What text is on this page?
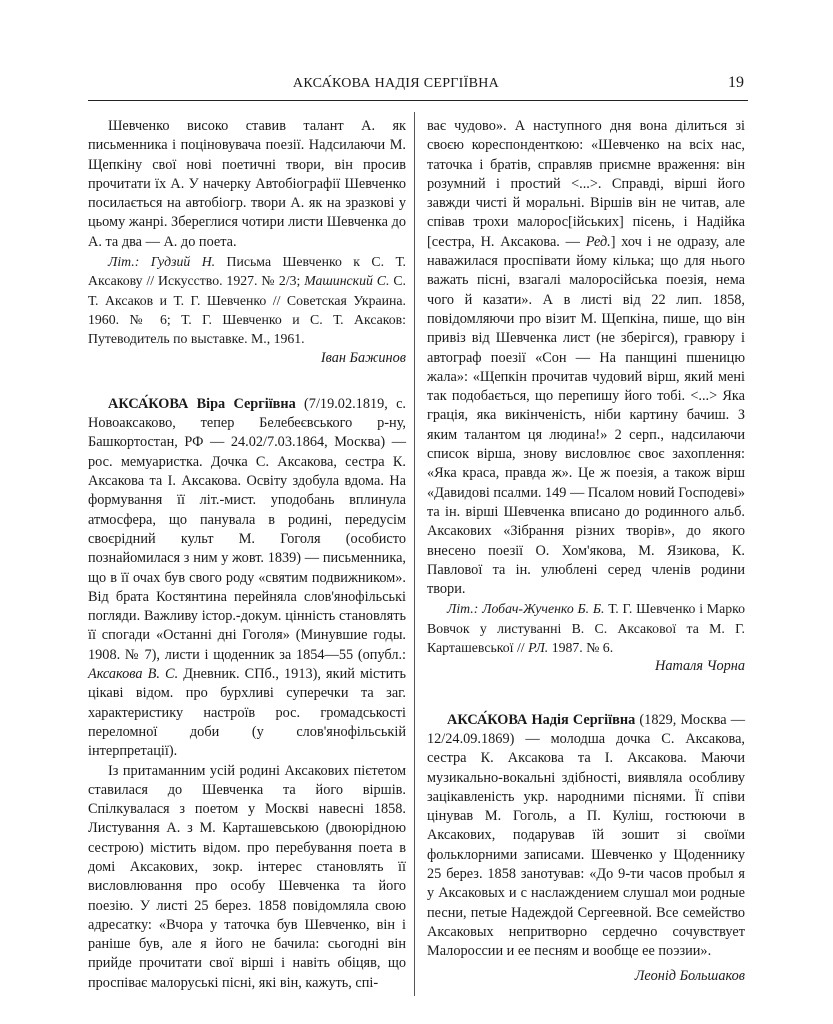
АКСА́КОВА НАДІЯ СЕРГІЇВНА	19

Шевченко високо ставив талант А. як письменника і поціновувача поезії. Надсилаючи М. Щепкіну свої нові поетичні твори, він просив прочитати їх А. У начерку Автобіографії Шевченко посилається на автобіогр. твори А. як на зразкові у цьому жанрі. Збереглися чотири листи Шевченка до А. та два — А. до поета.

Літ.: Гудзий Н. Письма Шевченко к С. Т. Аксакову // Искусство. 1927. № 2/3; Машинский С. С. Т. Аксаков и Т. Г. Шевченко // Советская Украина. 1960. № 6; Т. Г. Шевченко и С. Т. Аксаков: Путеводитель по выставке. М., 1961.

Іван Бажинов

АКСА́КОВА Віра Сергіївна (7/19.02.1819, с. Новоаксаково, тепер Белебеєвського р-ну, Башкортостан, РФ — 24.02/7.03.1864, Москва) — рос. мемуаристка. Дочка С. Аксакова, сестра К. Аксакова та І. Аксакова. Освіту здобула вдома. На формування її літ.-мист. уподобань вплинула атмосфера, що панувала в родині, передусім своєрідний культ М. Гоголя (особисто познайомилася з ним у жовт. 1839) — письменника, що в її очах був свого роду «святим подвижником». Від брата Костянтина перейняла слов'янофільські погляди. Важливу істор.-докум. цінність становлять її спогади «Останні дні Гоголя» (Минувшие годы. 1908. № 7), листи і щоденник за 1854—55 (опубл.: Аксакова В. С. Дневник. СПб., 1913), який містить цікаві відом. про бурхливі суперечки та заг. характеристику настроїв рос. громадськості переломної доби (у слов'янофільській інтерпретації).

Із притаманним усій родині Аксакових пієтетом ставилася до Шевченка та його віршів. Спілкувалася з поетом у Москві навесні 1858. Листування А. з М. Карташевською (двоюрідною сестрою) містить відом. про перебування поета в домі Аксакових, зокр. інтерес становлять її висловлювання про особу Шевченка та його поезію. У листі 25 берез. 1858 повідомляла свою адресатку: «Вчора у таточка був Шевченко, він і раніше був, але я його не бачила: сьогодні він прийде прочитати свої вірші і навіть обіцяв, що проспіває малоруські пісні, які він, кажуть, спі-

ває чудово». А наступного дня вона ділиться зі своєю кореспонденткою: «Шевченко на всіх нас, таточка і братів, справляв приємне враження: він розумний і простий <...>. Справді, вірші його завжди чисті й моральні. Віршів він не читав, але співав трохи малорос[ійських] пісень, і Надійка [сестра, Н. Аксакова. — Ред.] хоч і не одразу, але наважилася проспівати йому кілька; що для нього важать пісні, взагалі малоросійська поезія, нема чого й казати». А в листі від 22 лип. 1858, повідомляючи про візит М. Щепкіна, пише, що він привіз від Шевченка лист (не зберігся), гравюру і автограф поезії «Сон — На панщині пшеницю жала»: «Щепкін прочитав чудовий вірш, який мені так подобається, що перепишу його тобі. <...> Яка грація, яка викінченість, ніби картину бачиш. З яким талантом ця людина!» 2 серп., надсилаючи список вірша, знову висловлює своє захоплення: «Яка краса, правда ж». Це ж поезія, а також вірш «Давидові псалми. 149 — Псалом новий Господеві» та ін. вірші Шевченка вписано до родинного альб. Аксакових «Зібрання різних творів», до якого внесено поезії О. Хом'якова, М. Язикова, К. Павлової та ін. улюблені серед членів родини твори.

Літ.: Лобач-Жученко Б. Б. Т. Г. Шевченко і Марко Вовчок у листуванні В. С. Аксакової та М. Г. Карташевської // РЛ. 1987. № 6.

Наталя Чорна

АКСА́КОВА Надія Сергіївна (1829, Москва — 12/24.09.1869) — молодша дочка С. Аксакова, сестра К. Аксакова та І. Аксакова. Маючи музикально-вокальні здібності, виявляла особливу зацікавленість укр. народними піснями. Її співи цінував М. Гоголь, а П. Куліш, гостюючи в Аксакових, подарував їй зошит зі своїми фольклорними записами. Шевченко у Щоденнику 25 берез. 1858 занотував: «До 9-ти часов пробыл я у Аксаковых и с наслаждением слушал мои родные песни, петые Надеждой Сергеевной. Все семейство Аксаковых непритворно сердечно сочувствует Малороссии и ее песням и вообще ее поэзии».

Леонід Большаков
